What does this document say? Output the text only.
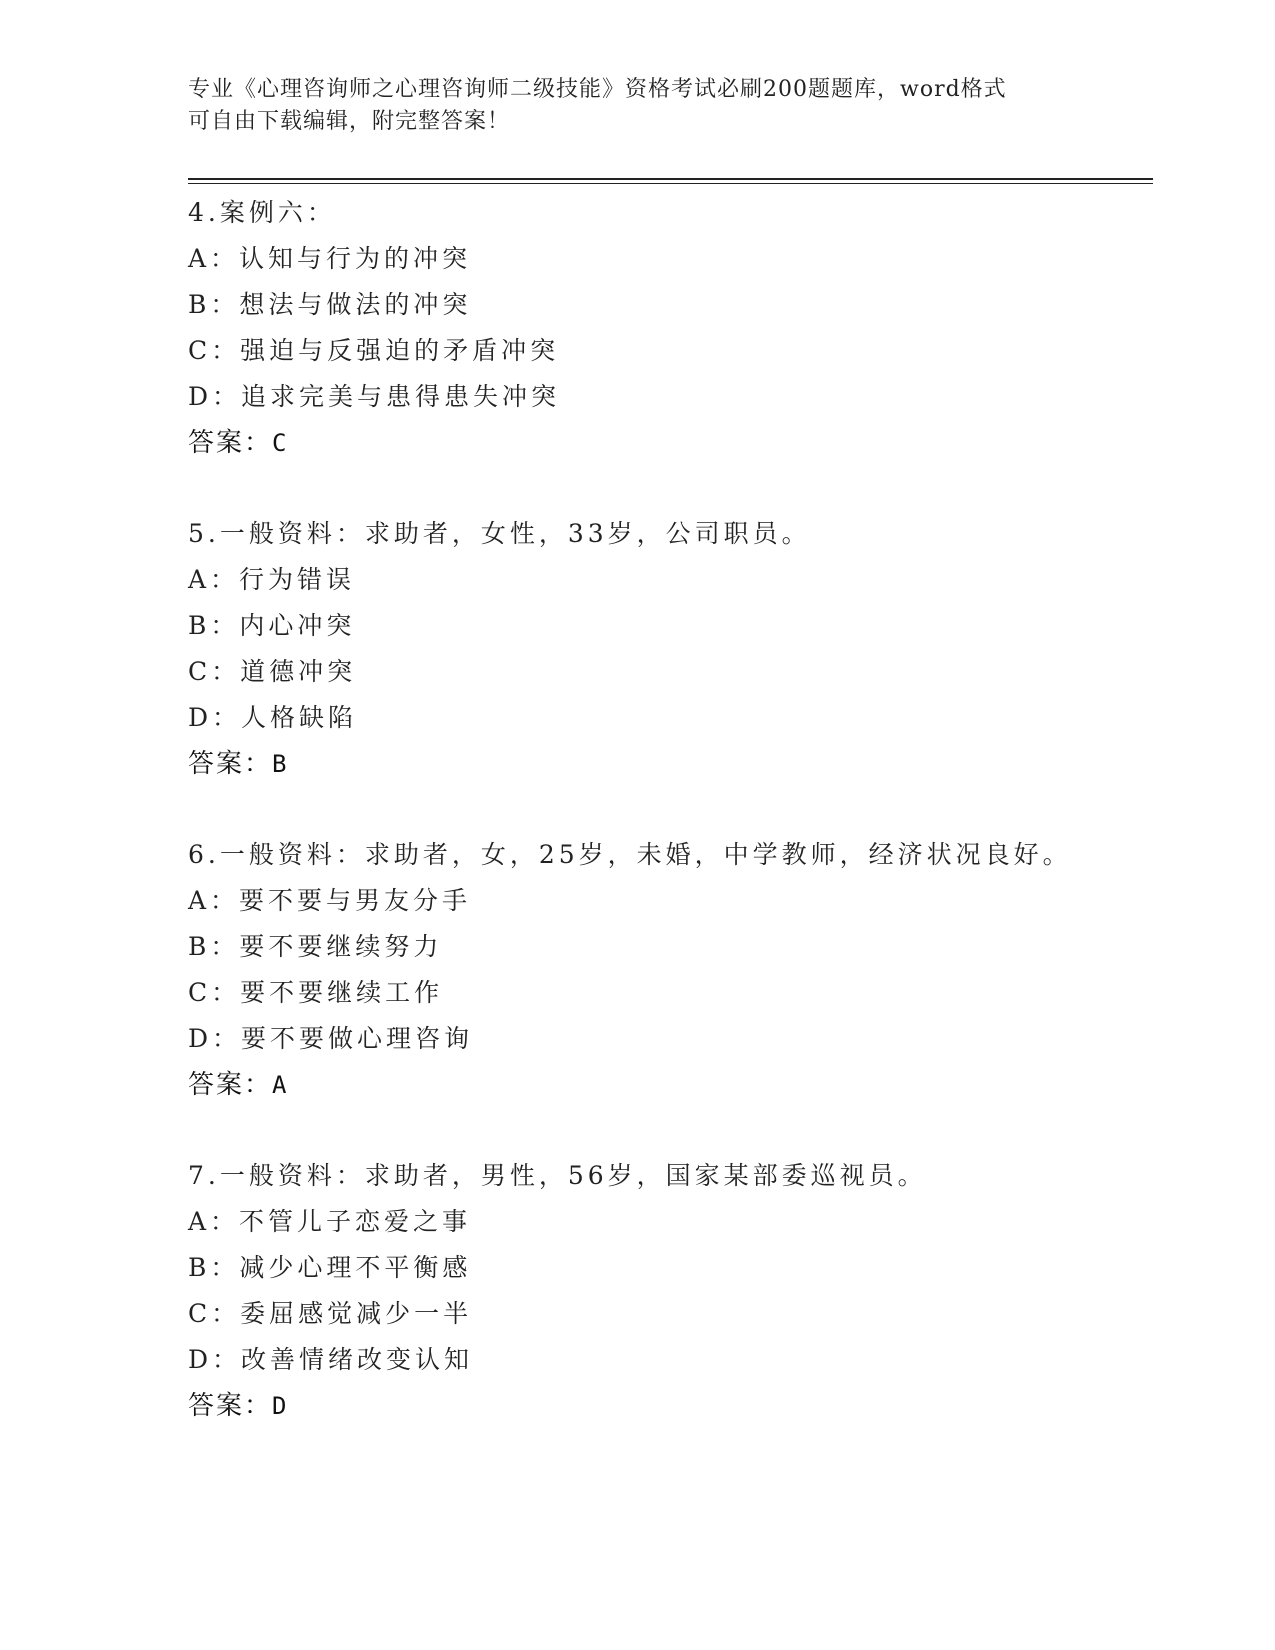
专业《心理咨询师之心理咨询师二级技能》资格考试必刷200题题库，word格式
可自由下载编辑，附完整答案！
4.案例六：
A：认知与行为的冲突
B：想法与做法的冲突
C：强迫与反强迫的矛盾冲突
D：追求完美与患得患失冲突
答案：C
5.一般资料：求助者，女性，33岁，公司职员。
A：行为错误
B：内心冲突
C：道德冲突
D：人格缺陷
答案：B
6.一般资料：求助者，女，25岁，未婚，中学教师，经济状况良好。
A：要不要与男友分手
B：要不要继续努力
C：要不要继续工作
D：要不要做心理咨询
答案：A
7.一般资料：求助者，男性，56岁，国家某部委巡视员。
A：不管儿子恋爱之事
B：减少心理不平衡感
C：委屈感觉减少一半
D：改善情绪改变认知
答案：D
